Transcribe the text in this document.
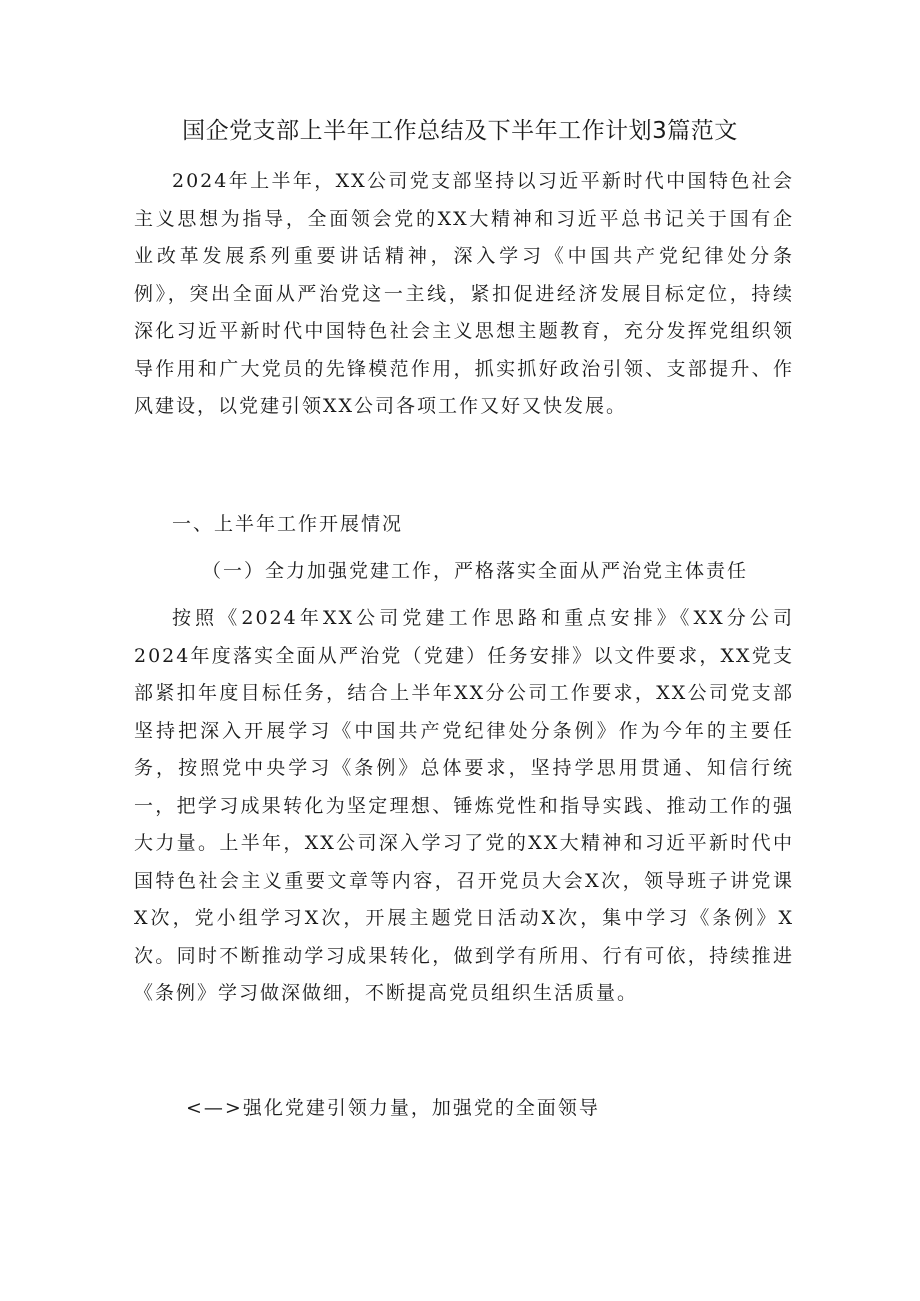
国企党支部上半年工作总结及下半年工作计划3篇范文

2024年上半年，XX公司党支部坚持以习近平新时代中国特色社会主义思想为指导，全面领会党的XX大精神和习近平总书记关于国有企业改革发展系列重要讲话精神，深入学习《中国共产党纪律处分条例》，突出全面从严治党这一主线，紧扣促进经济发展目标定位，持续深化习近平新时代中国特色社会主义思想主题教育，充分发挥党组织领导作用和广大党员的先锋模范作用，抓实抓好政治引领、支部提升、作风建设，以党建引领XX公司各项工作又好又快发展。

一、上半年工作开展情况

（一）全力加强党建工作，严格落实全面从严治党主体责任

按照《2024年XX公司党建工作思路和重点安排》《XX分公司2024年度落实全面从严治党（党建）任务安排》以文件要求，XX党支部紧扣年度目标任务，结合上半年XX分公司工作要求，XX公司党支部坚持把深入开展学习《中国共产党纪律处分条例》作为今年的主要任务，按照党中央学习《条例》总体要求，坚持学思用贯通、知信行统一，把学习成果转化为坚定理想、锤炼党性和指导实践、推动工作的强大力量。上半年，XX公司深入学习了党的XX大精神和习近平新时代中国特色社会主义重要文章等内容，召开党员大会X次，领导班子讲党课X次，党小组学习X次，开展主题党日活动X次，集中学习《条例》X次。同时不断推动学习成果转化，做到学有所用、行有可依，持续推进《条例》学习做深做细，不断提高党员组织生活质量。

<—>强化党建引领力量，加强党的全面领导
